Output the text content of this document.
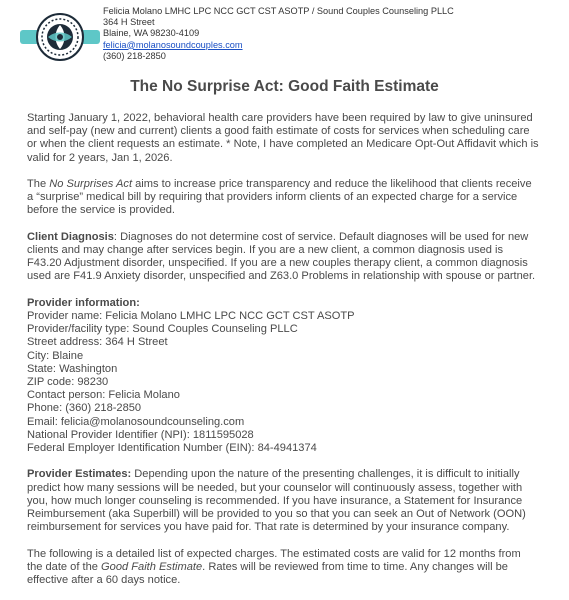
Felicia Molano LMHC LPC NCC GCT CST ASOTP / Sound Couples Counseling PLLC
364 H Street
Blaine, WA 98230-4109
felicia@molanosoundcouples.com
(360) 218-2850
The No Surprise Act: Good Faith Estimate

Starting January 1, 2022, behavioral health care providers have been required by law to give uninsured and self-pay (new and current) clients a good faith estimate of costs for services when scheduling care or when the client requests an estimate. * Note, I have completed an Medicare Opt-Out Affidavit which is valid for 2 years, Jan 1, 2026.

The No Surprises Act aims to increase price transparency and reduce the likelihood that clients receive a “surprise” medical bill by requiring that providers inform clients of an expected charge for a service before the service is provided.

Client Diagnosis: Diagnoses do not determine cost of service. Default diagnoses will be used for new clients and may change after services begin. If you are a new client, a common diagnosis used is F43.20 Adjustment disorder, unspecified. If you are a new couples therapy client, a common diagnosis used are F41.9 Anxiety disorder, unspecified and Z63.0 Problems in relationship with spouse or partner.

Provider information:
Provider name: Felicia Molano LMHC LPC NCC GCT CST ASOTP
Provider/facility type: Sound Couples Counseling PLLC
Street address: 364 H Street
City: Blaine
State: Washington
ZIP code: 98230
Contact person: Felicia Molano
Phone: (360) 218-2850
Email: felicia@molanosoundcounseling.com
National Provider Identifier (NPI): 1811595028
Federal Employer Identification Number (EIN): 84-4941374

Provider Estimates: Depending upon the nature of the presenting challenges, it is difficult to initially predict how many sessions will be needed, but your counselor will continuously assess, together with you, how much longer counseling is recommended. If you have insurance, a Statement for Insurance Reimbursement (aka Superbill) will be provided to you so that you can seek an Out of Network (OON) reimbursement for services you have paid for. That rate is determined by your insurance company.

The following is a detailed list of expected charges. The estimated costs are valid for 12 months from the date of the Good Faith Estimate. Rates will be reviewed from time to time. Any changes will be effective after a 60 days notice.
